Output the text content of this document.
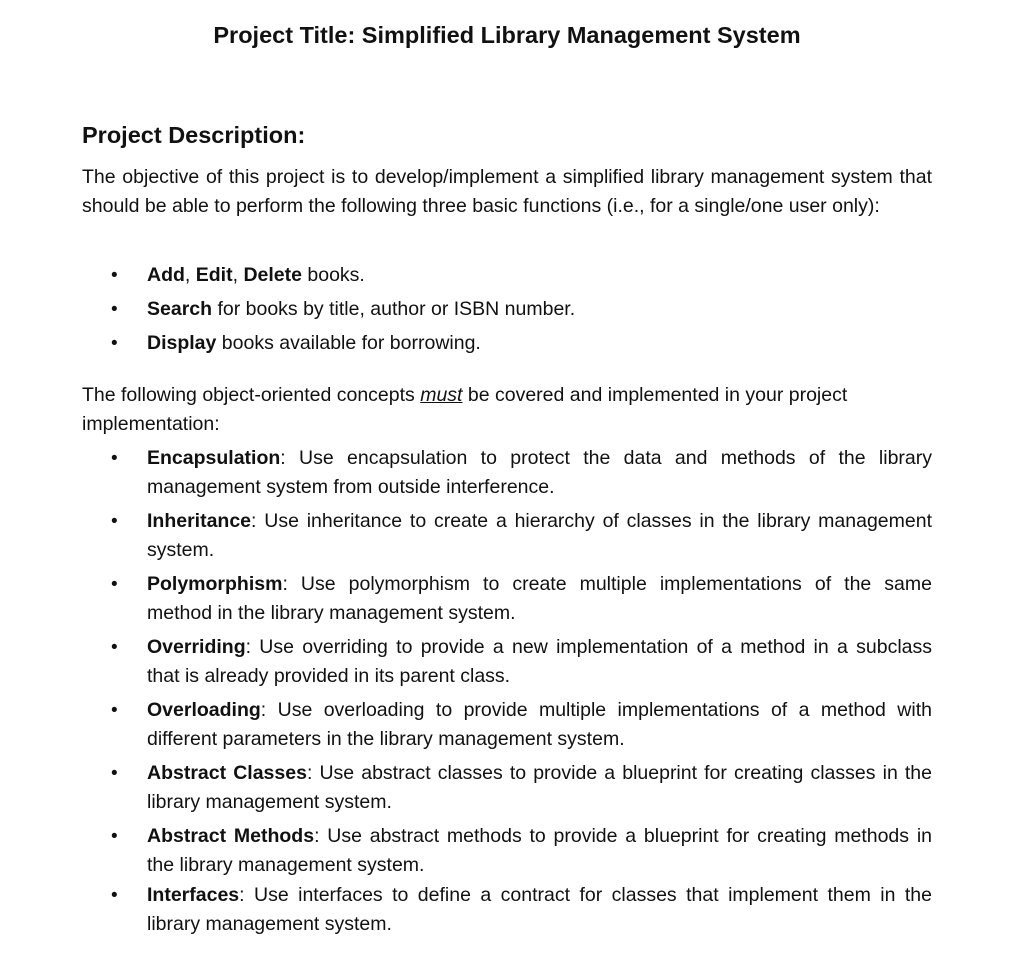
Project Title: Simplified Library Management System
Project Description:

The objective of this project is to develop/implement a simplified library management system that should be able to perform the following three basic functions (i.e., for a single/one user only):

• Add, Edit, Delete books.
• Search for books by title, author or ISBN number.
• Display books available for borrowing.

The following object-oriented concepts must be covered and implemented in your project implementation:

• Encapsulation: Use encapsulation to protect the data and methods of the library management system from outside interference.
• Inheritance: Use inheritance to create a hierarchy of classes in the library management system.
• Polymorphism: Use polymorphism to create multiple implementations of the same method in the library management system.
• Overriding: Use overriding to provide a new implementation of a method in a subclass that is already provided in its parent class.
• Overloading: Use overloading to provide multiple implementations of a method with different parameters in the library management system.
• Abstract Classes: Use abstract classes to provide a blueprint for creating classes in the library management system.
• Abstract Methods: Use abstract methods to provide a blueprint for creating methods in the library management system.
• Interfaces: Use interfaces to define a contract for classes that implement them in the library management system.
